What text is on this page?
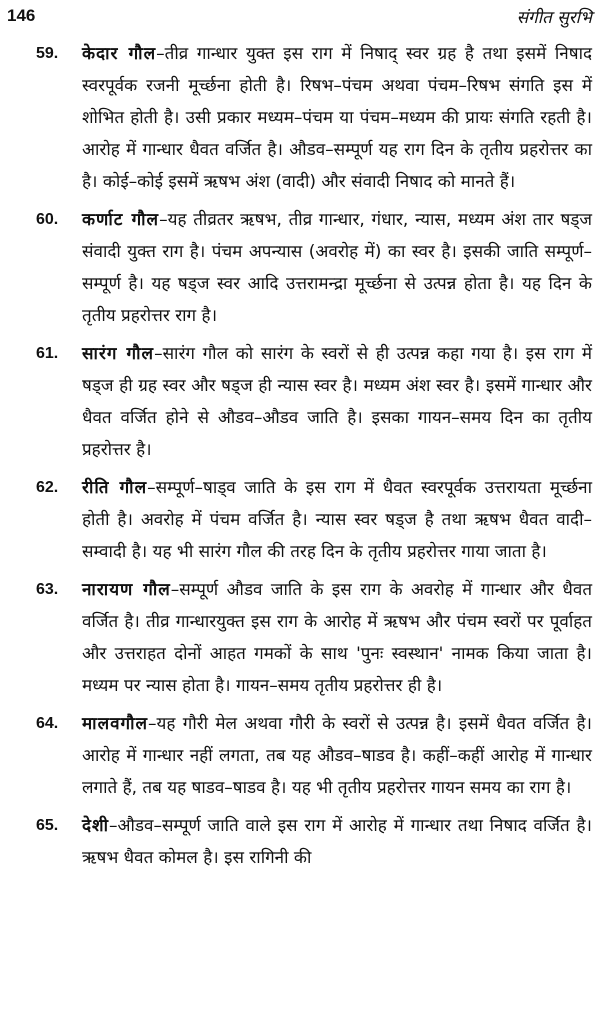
146	संगीत सुरभि
59.	केदार गौल–तीव्र गान्धार युक्त इस राग में निषाद् स्वर ग्रह है तथा इसमें निषाद स्वरपूर्वक रजनी मूर्च्छना होती है। रिषभ–पंचम अथवा पंचम–रिषभ संगति इस में शोभित होती है। उसी प्रकार मध्यम–पंचम या पंचम–मध्यम की प्रायः संगति रहती है। आरोह में गान्धार धैवत वर्जित है। औडव–सम्पूर्ण यह राग दिन के तृतीय प्रहरोत्तर का है। कोई–कोई इसमें ऋषभ अंश (वादी) और संवादी निषाद को मानते हैं।
60.	कर्णाट गौल–यह तीव्रतर ऋषभ, तीव्र गान्धार, गंधार, न्यास, मध्यम अंश तार षड्ज संवादी युक्त राग है। पंचम अपन्यास (अवरोह में) का स्वर है। इसकी जाति सम्पूर्ण–सम्पूर्ण है। यह षड्ज स्वर आदि उत्तरामन्द्रा मूर्च्छना से उत्पन्न होता है। यह दिन के तृतीय प्रहरोत्तर राग है।
61.	सारंग गौल–सारंग गौल को सारंग के स्वरों से ही उत्पन्न कहा गया है। इस राग में षड्ज ही ग्रह स्वर और षड्ज ही न्यास स्वर है। मध्यम अंश स्वर है। इसमें गान्धार और धैवत वर्जित होने से औडव–औडव जाति है। इसका गायन–समय दिन का तृतीय प्रहरोत्तर है।
62.	रीति गौल–सम्पूर्ण–षाड्व जाति के इस राग में धैवत स्वरपूर्वक उत्तरायता मूर्च्छना होती है। अवरोह में पंचम वर्जित है। न्यास स्वर षड्ज है तथा ऋषभ धैवत वादी–सम्वादी है। यह भी सारंग गौल की तरह दिन के तृतीय प्रहरोत्तर गाया जाता है।
63.	नारायण गौल–सम्पूर्ण औडव जाति के इस राग के अवरोह में गान्धार और धैवत वर्जित है। तीव्र गान्धारयुक्त इस राग के आरोह में ऋषभ और पंचम स्वरों पर पूर्वाहत और उत्तराहत दोनों आहत गमकों के साथ 'पुनः स्वस्थान' नामक किया जाता है। मध्यम पर न्यास होता है। गायन–समय तृतीय प्रहरोत्तर ही है।
64.	मालवगौल–यह गौरी मेल अथवा गौरी के स्वरों से उत्पन्न है। इसमें धैवत वर्जित है। आरोह में गान्धार नहीं लगता, तब यह औडव–षाडव है। कहीं–कहीं आरोह में गान्धार लगाते हैं, तब यह षाडव–षाडव है। यह भी तृतीय प्रहरोत्तर गायन समय का राग है।
65.	देशी–औडव–सम्पूर्ण जाति वाले इस राग में आरोह में गान्धार तथा निषाद वर्जित है। ऋषभ धैवत कोमल है। इस रागिनी की
